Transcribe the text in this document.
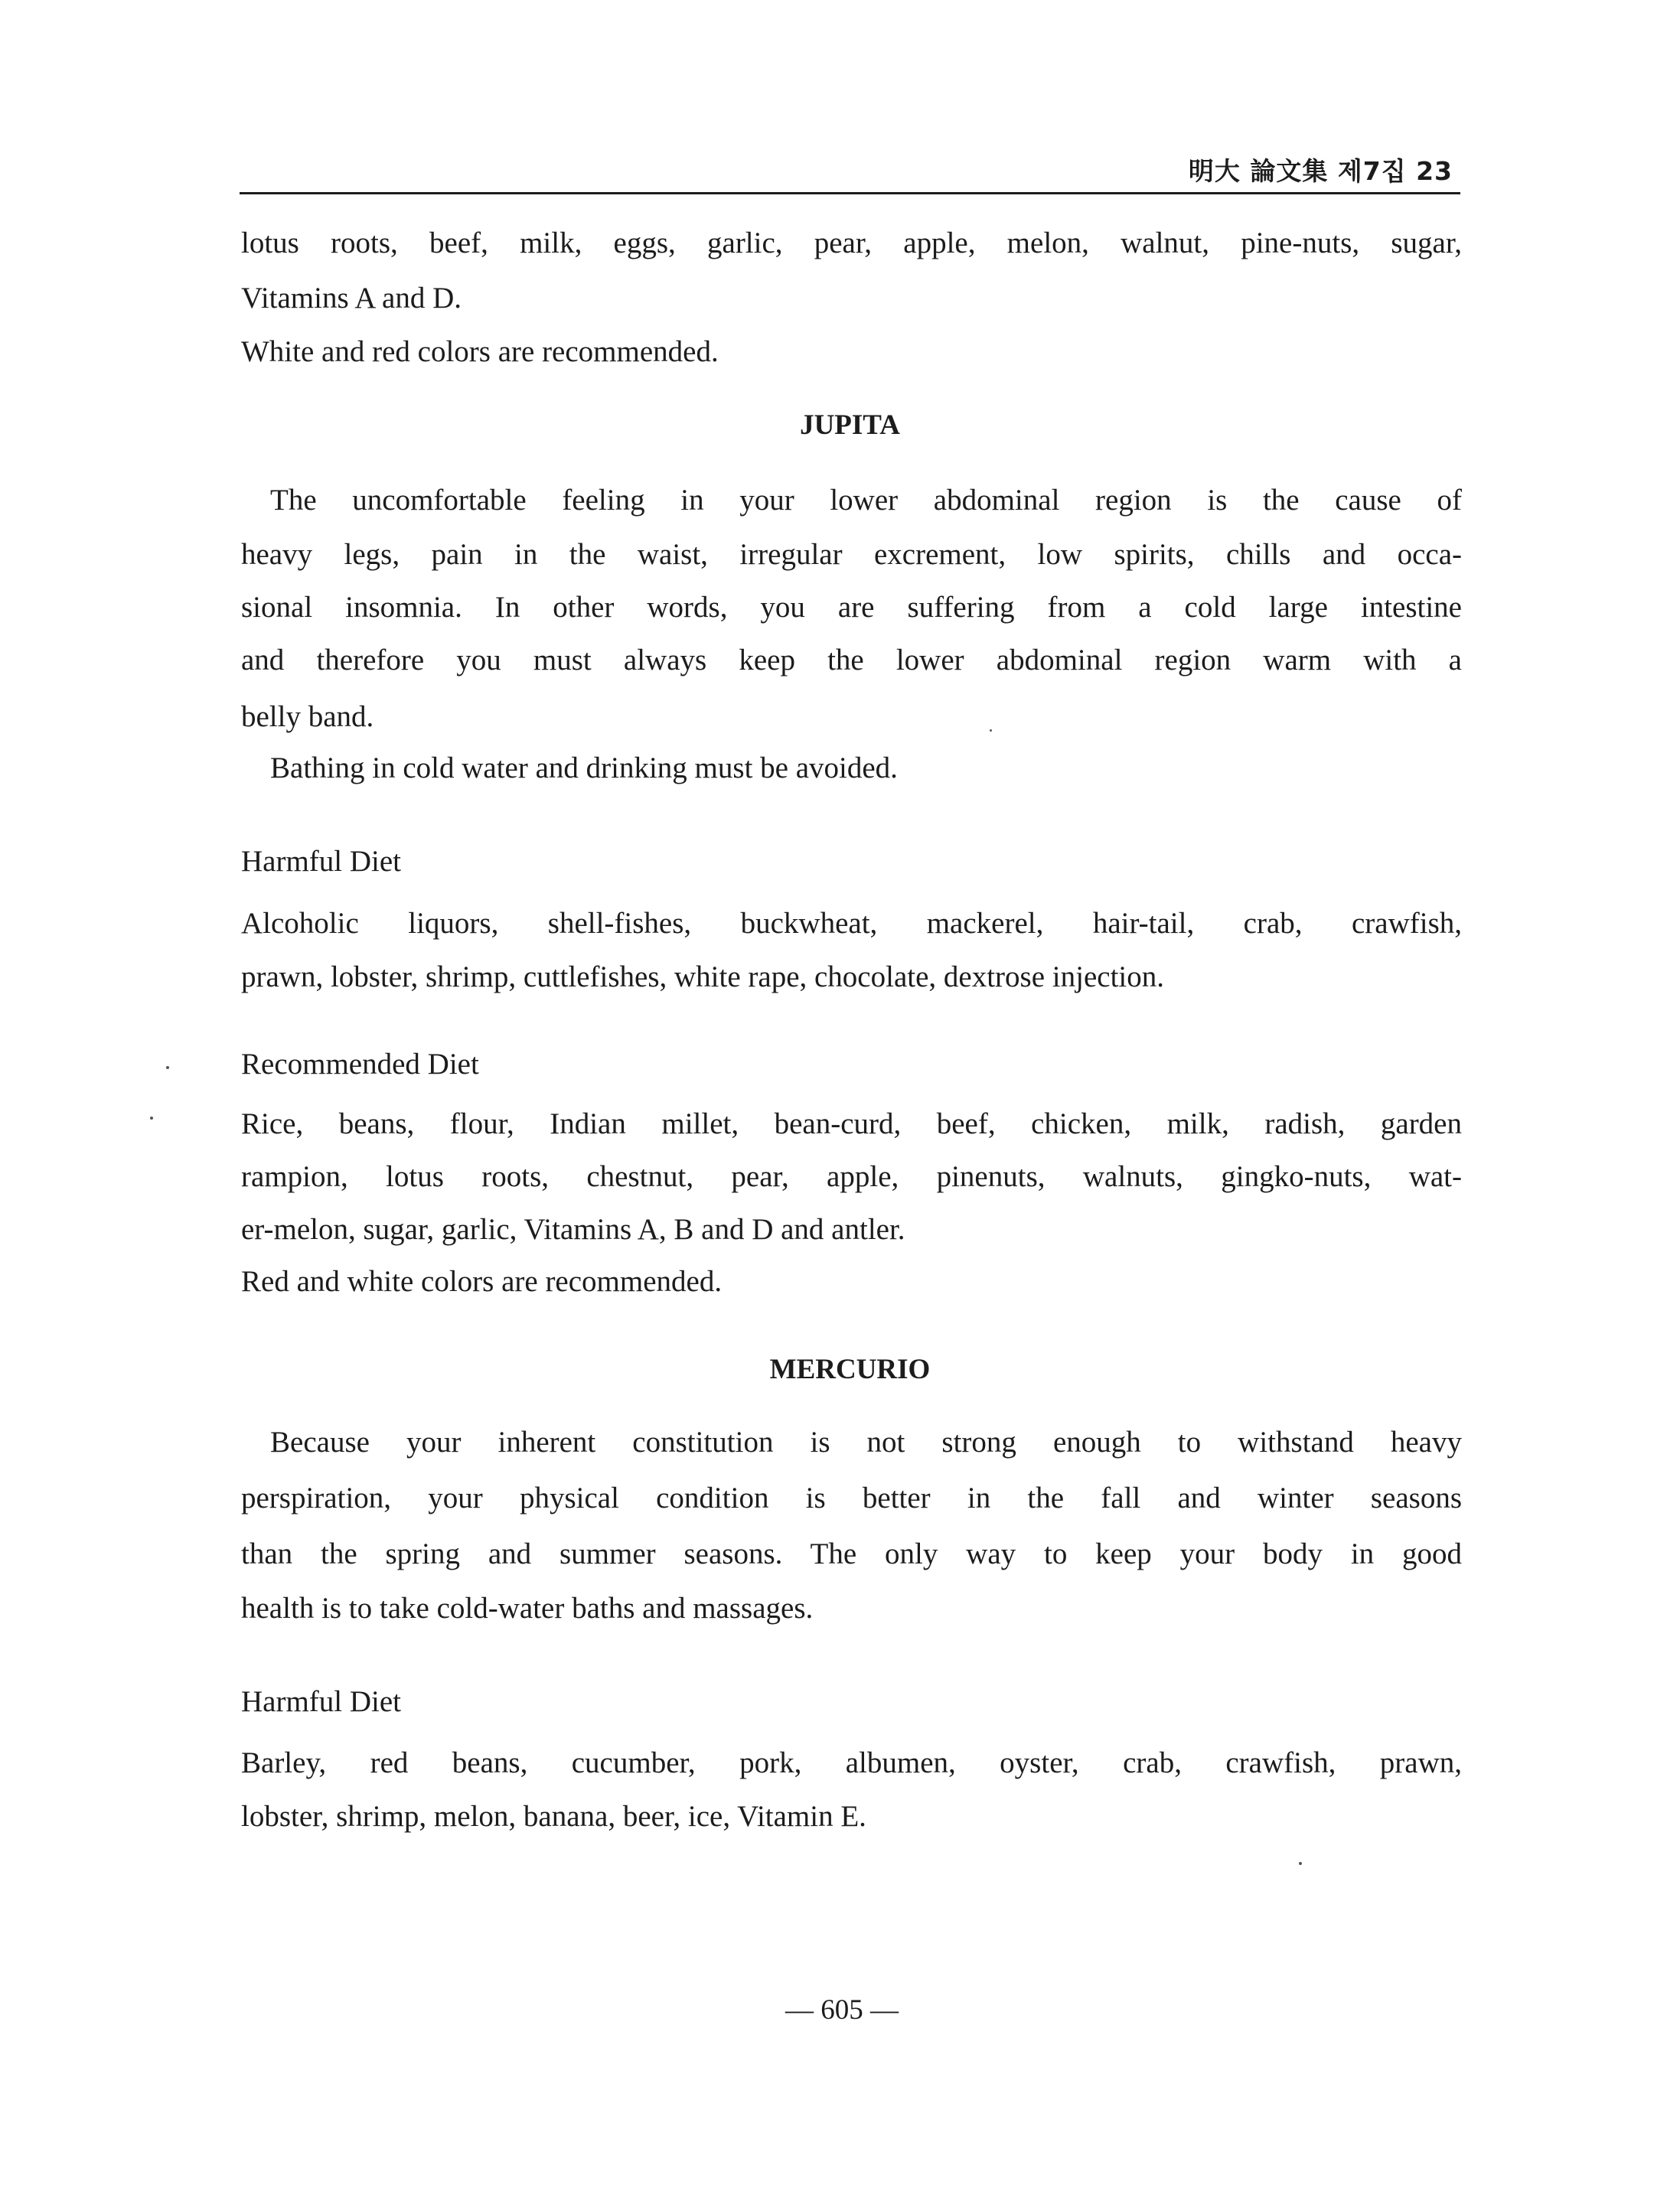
明大 論文集 제7집 23
lotus roots, beef, milk, eggs, garlic, pear, apple, melon, walnut, pine-nuts, sugar,
Vitamins A and D.
White and red colors are recommended.
JUPITA
The uncomfortable feeling in your lower abdominal region is the cause of
heavy legs, pain in the waist, irregular excrement, low spirits, chills and occa-
sional insomnia. In other words, you are suffering from a cold large intestine
and therefore you must always keep the lower abdominal region warm with a
belly band.
Bathing in cold water and drinking must be avoided.
Harmful Diet
Alcoholic liquors, shell-fishes, buckwheat, mackerel, hair-tail, crab, crawfish,
prawn, lobster, shrimp, cuttlefishes, white rape, chocolate, dextrose injection.
Recommended Diet
Rice, beans, flour, Indian millet, bean-curd, beef, chicken, milk, radish, garden
rampion, lotus roots, chestnut, pear, apple, pinenuts, walnuts, gingko-nuts, wat-
er-melon, sugar, garlic, Vitamins A, B and D and antler.
Red and white colors are recommended.
MERCURIO
Because your inherent constitution is not strong enough to withstand heavy
perspiration, your physical condition is better in the fall and winter seasons
than the spring and summer seasons. The only way to keep your body in good
health is to take cold-water baths and massages.
Harmful Diet
Barley, red beans, cucumber, pork, albumen, oyster, crab, crawfish, prawn,
lobster, shrimp, melon, banana, beer, ice, Vitamin E.
— 605 —
